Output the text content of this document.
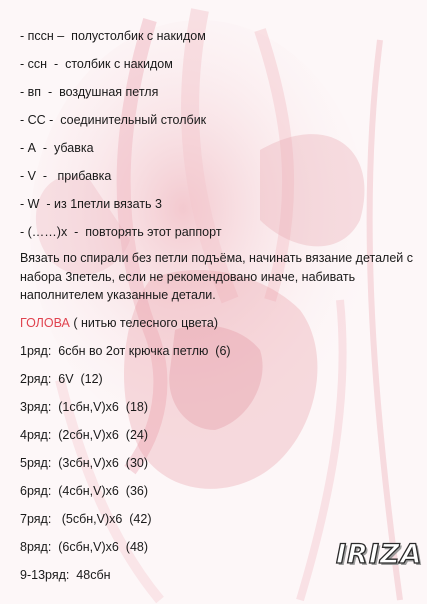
- пссн –  полустолбик с накидом
- ссн  -  столбик с накидом
- вп  -  воздушная петля
- СС -  соединительный столбик
- А  -  убавка
- V  -   прибавка
- W  - из 1петли вязать 3
- (……)х  -  повторять этот раппорт
Вязать по спирали без петли подъёма, начинать вязание деталей с набора 3петель, если не рекомендовано иначе, набивать наполнителем указанные детали.
ГОЛОВА ( нитью телесного цвета)
1ряд:  6сбн во 2от крючка петлю  (6)
2ряд:  6V  (12)
3ряд:  (1сбн,V)х6  (18)
4ряд:  (2сбн,V)х6  (24)
5ряд:  (3сбн,V)х6  (30)
6ряд:  (4сбн,V)х6  (36)
7ряд:   (5сбн,V)х6  (42)
8ряд:  (6сбн,V)х6  (48)
9-13ряд:  48сбн
IRIZA
